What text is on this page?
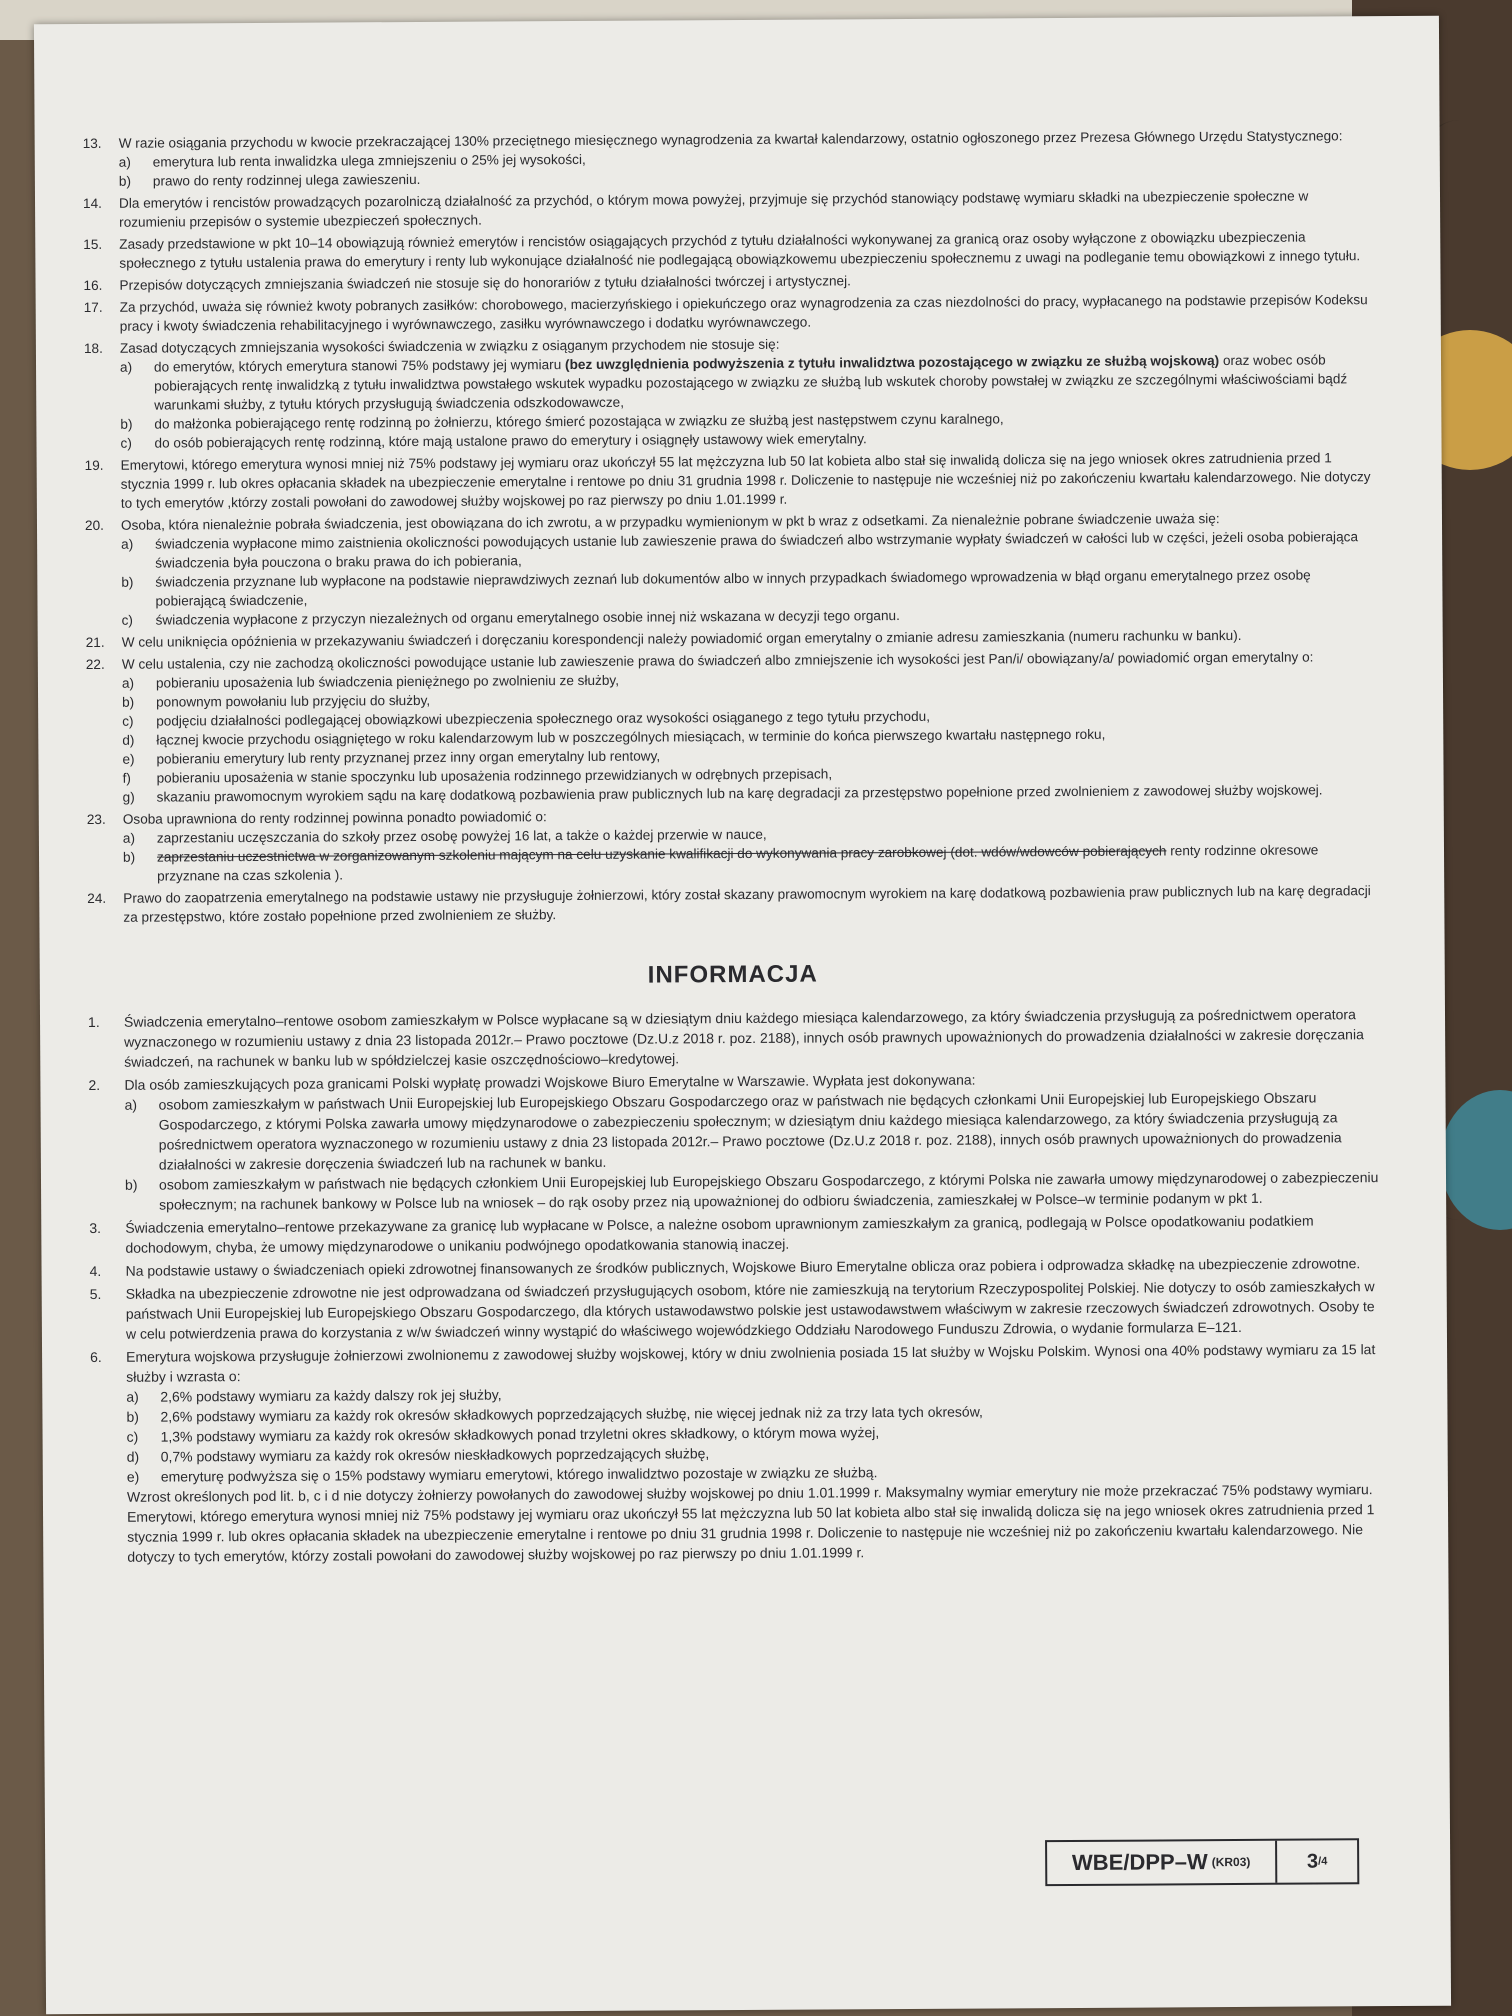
13. W razie osiągania przychodu w kwocie przekraczającej 130% przeciętnego miesięcznego wynagrodzenia za kwartał kalendarzowy, ostatnio ogłoszonego przez Prezesa Głównego Urzędu Statystycznego:
a) emerytura lub renta inwalidzka ulega zmniejszeniu o 25% jej wysokości,
b) prawo do renty rodzinnej ulega zawieszeniu.
14. Dla emerytów i rencistów prowadzących pozarolniczą działalność za przychód, o którym mowa powyżej, przyjmuje się przychód stanowiący podstawę wymiaru składki na ubezpieczenie społeczne w rozumieniu przepisów o systemie ubezpieczeń społecznych.
15. Zasady przedstawione w pkt 10–14 obowiązują również emerytów i rencistów osiągających przychód z tytułu działalności wykonywanej za granicą oraz osoby wyłączone z obowiązku ubezpieczenia społecznego z tytułu ustalenia prawa do emerytury i renty lub wykonujące działalność nie podlegającą obowiązkowemu ubezpieczeniu społecznemu z uwagi na podleganie temu obowiązkowi z innego tytułu.
16. Przepisów dotyczących zmniejszania świadczeń nie stosuje się do honorariów z tytułu działalności twórczej i artystycznej.
17. Za przychód, uważa się również kwoty pobranych zasiłków: chorobowego, macierzyńskiego i opiekuńczego oraz wynagrodzenia za czas niezdolności do pracy, wypłacanego na podstawie przepisów Kodeksu pracy i kwoty świadczenia rehabilitacyjnego i wyrównawczego, zasiłku wyrównawczego i dodatku wyrównawczego.
18. Zasad dotyczących zmniejszania wysokości świadczenia w związku z osiąganym przychodem nie stosuje się:
a) do emerytów, których emerytura stanowi 75% podstawy jej wymiaru (bez uwzględnienia podwyższenia z tytułu inwalidztwa pozostającego w związku ze służbą wojskową) oraz wobec osób pobierających rentę inwalidzką z tytułu inwalidztwa powstałego wskutek wypadku pozostającego w związku ze służbą lub wskutek choroby powstałej w związku ze szczególnymi właściwościami bądź warunkami służby, z tytułu których przysługują świadczenia odszkodowawcze,
b) do małżonka pobierającego rentę rodzinną po żołnierzu, którego śmierć pozostająca w związku ze służbą jest następstwem czynu karalnego,
c) do osób pobierających rentę rodzinną, które mają ustalone prawo do emerytury i osiągnęły ustawowy wiek emerytalny.
19. Emerytowi, którego emerytura wynosi mniej niż 75% podstawy jej wymiaru oraz ukończył 55 lat mężczyzna lub 50 lat kobieta albo stał się inwalidą dolicza się na jego wniosek okres zatrudnienia przed 1 stycznia 1999 r. lub okres opłacania składek na ubezpieczenie emerytalne i rentowe po dniu 31 grudnia 1998 r. Doliczenie to następuje nie wcześniej niż po zakończeniu kwartału kalendarzowego. Nie dotyczy to tych emerytów ,którzy zostali powołani do zawodowej służby wojskowej po raz pierwszy po dniu 1.01.1999 r.
20. Osoba, która nienależnie pobrała świadczenia, jest obowiązana do ich zwrotu, a w przypadku wymienionym w pkt b wraz z odsetkami. Za nienależnie pobrane świadczenie uważa się:
a) świadczenia wypłacone mimo zaistnienia okoliczności powodujących ustanie lub zawieszenie prawa do świadczeń albo wstrzymanie wypłaty świadczeń w całości lub w części, jeżeli osoba pobierająca świadczenia była pouczona o braku prawa do ich pobierania,
b) świadczenia przyznane lub wypłacone na podstawie nieprawdziwych zeznań lub dokumentów albo w innych przypadkach świadomego wprowadzenia w błąd organu emerytalnego przez osobę pobierającą świadczenie,
c) świadczenia wypłacone z przyczyn niezależnych od organu emerytalnego osobie innej niż wskazana w decyzji tego organu.
21. W celu uniknięcia opóźnienia w przekazywaniu świadczeń i doręczaniu korespondencji należy powiadomić organ emerytalny o zmianie adresu zamieszkania (numeru rachunku w banku).
22. W celu ustalenia, czy nie zachodzą okoliczności powodujące ustanie lub zawieszenie prawa do świadczeń albo zmniejszenie ich wysokości jest Pan/i/ obowiązany/a/ powiadomić organ emerytalny o:
a) pobieraniu uposażenia lub świadczenia pieniężnego po zwolnieniu ze służby,
b) ponownym powołaniu lub przyjęciu do służby,
c) podjęciu działalności podlegającej obowiązkowi ubezpieczenia społecznego oraz wysokości osiąganego z tego tytułu przychodu,
d) łącznej kwocie przychodu osiągniętego w roku kalendarzowym lub w poszczególnych miesiącach, w terminie do końca pierwszego kwartału następnego roku,
e) pobieraniu emerytury lub renty przyznanej przez inny organ emerytalny lub rentowy,
f) pobieraniu uposażenia w stanie spoczynku lub uposażenia rodzinnego przewidzianych w odrębnych przepisach,
g) skazaniu prawomocnym wyrokiem sądu na karę dodatkową pozbawienia praw publicznych lub na karę degradacji za przestępstwo popełnione przed zwolnieniem z zawodowej służby wojskowej.
23. Osoba uprawniona do renty rodzinnej powinna ponadto powiadomić o:
a) zaprzestaniu uczęszczania do szkoły przez osobę powyżej 16 lat, a także o każdej przerwie w nauce,
b) zaprzestaniu uczestnictwa w zorganizowanym szkoleniu mającym na celu uzyskanie kwalifikacji do wykonywania pracy zarobkowej (dot. wdów/wdowców pobierających renty rodzinne okresowe przyznane na czas szkolenia ).
24. Prawo do zaopatrzenia emerytalnego na podstawie ustawy nie przysługuje żołnierzowi, który został skazany prawomocnym wyrokiem na karę dodatkową pozbawienia praw publicznych lub na karę degradacji za przestępstwo, które zostało popełnione przed zwolnieniem ze służby.
INFORMACJA
1. Świadczenia emerytalno–rentowe osobom zamieszkałym w Polsce wypłacane są w dziesiątym dniu każdego miesiąca kalendarzowego, za który świadczenia przysługują za pośrednictwem operatora wyznaczonego w rozumieniu ustawy z dnia 23 listopada 2012r.– Prawo pocztowe (Dz.U.z 2018 r. poz. 2188), innych osób prawnych upoważnionych do prowadzenia działalności w zakresie doręczania świadczeń, na rachunek w banku lub w spółdzielczej kasie oszczędnościowo–kredytowej.
2. Dla osób zamieszkujących poza granicami Polski wypłatę prowadzi Wojskowe Biuro Emerytalne w Warszawie. Wypłata jest dokonywana:
a) osobom zamieszkałym w państwach Unii Europejskiej lub Europejskiego Obszaru Gospodarczego oraz w państwach nie będących członkami Unii Europejskiej lub Europejskiego Obszaru Gospodarczego, z którymi Polska zawarła umowy międzynarodowe o zabezpieczeniu społecznym; w dziesiątym dniu każdego miesiąca kalendarzowego, za który świadczenia przysługują za pośrednictwem operatora wyznaczonego w rozumieniu ustawy z dnia 23 listopada 2012r.– Prawo pocztowe (Dz.U.z 2018 r. poz. 2188), innych osób prawnych upoważnionych do prowadzenia działalności w zakresie doręczenia świadczeń lub na rachunek w banku.
b) osobom zamieszkałym w państwach nie będących członkiem Unii Europejskiej lub Europejskiego Obszaru Gospodarczego, z którymi Polska nie zawarła umowy międzynarodowej o zabezpieczeniu społecznym; na rachunek bankowy w Polsce lub na wniosek – do rąk osoby przez nią upoważnionej do odbioru świadczenia, zamieszkałej w Polsce–w terminie podanym w pkt 1.
3. Świadczenia emerytalno–rentowe przekazywane za granicę lub wypłacane w Polsce, a należne osobom uprawnionym zamieszkałym za granicą, podlegają w Polsce opodatkowaniu podatkiem dochodowym, chyba, że umowy międzynarodowe o unikaniu podwójnego opodatkowania stanowią inaczej.
4. Na podstawie ustawy o świadczeniach opieki zdrowotnej finansowanych ze środków publicznych, Wojskowe Biuro Emerytalne oblicza oraz pobiera i odprowadza składkę na ubezpieczenie zdrowotne.
5. Składka na ubezpieczenie zdrowotne nie jest odprowadzana od świadczeń przysługujących osobom, które nie zamieszkują na terytorium Rzeczypospolitej Polskiej. Nie dotyczy to osób zamieszkałych w państwach Unii Europejskiej lub Europejskiego Obszaru Gospodarczego, dla których ustawodawstwo polskie jest ustawodawstwem właściwym w zakresie rzeczowych świadczeń zdrowotnych. Osoby te w celu potwierdzenia prawa do korzystania z w/w świadczeń winny wystąpić do właściwego wojewódzkiego Oddziału Narodowego Funduszu Zdrowia, o wydanie formularza E–121.
6. Emerytura wojskowa przysługuje żołnierzowi zwolnionemu z zawodowej służby wojskowej, który w dniu zwolnienia posiada 15 lat służby w Wojsku Polskim. Wynosi ona 40% podstawy wymiaru za 15 lat służby i wzrasta o:
a) 2,6% podstawy wymiaru za każdy dalszy rok jej służby,
b) 2,6% podstawy wymiaru za każdy rok okresów składkowych poprzedzających służbę, nie więcej jednak niż za trzy lata tych okresów,
c) 1,3% podstawy wymiaru za każdy rok okresów składkowych ponad trzyletni okres składkowy, o którym mowa wyżej,
d) 0,7% podstawy wymiaru za każdy rok okresów nieskładkowych poprzedzających służbę,
e) emeryturę podwyższa się o 15% podstawy wymiaru emerytowi, którego inwalidztwo pozostaje w związku ze służbą.
Wzrost określonych pod lit. b, c i d nie dotyczy żołnierzy powołanych do zawodowej służby wojskowej po dniu 1.01.1999 r. Maksymalny wymiar emerytury nie może przekraczać 75% podstawy wymiaru.
Emerytowi, którego emerytura wynosi mniej niż 75% podstawy jej wymiaru oraz ukończył 55 lat mężczyzna lub 50 lat kobieta albo stał się inwalidą dolicza się na jego wniosek okres zatrudnienia przed 1 stycznia 1999 r. lub okres opłacania składek na ubezpieczenie emerytalne i rentowe po dniu 31 grudnia 1998 r. Doliczenie to następuje nie wcześniej niż po zakończeniu kwartału kalendarzowego. Nie dotyczy to tych emerytów, którzy zostali powołani do zawodowej służby wojskowej po raz pierwszy po dniu 1.01.1999 r.
WBE/DPP–W (KR03)	3 /4
